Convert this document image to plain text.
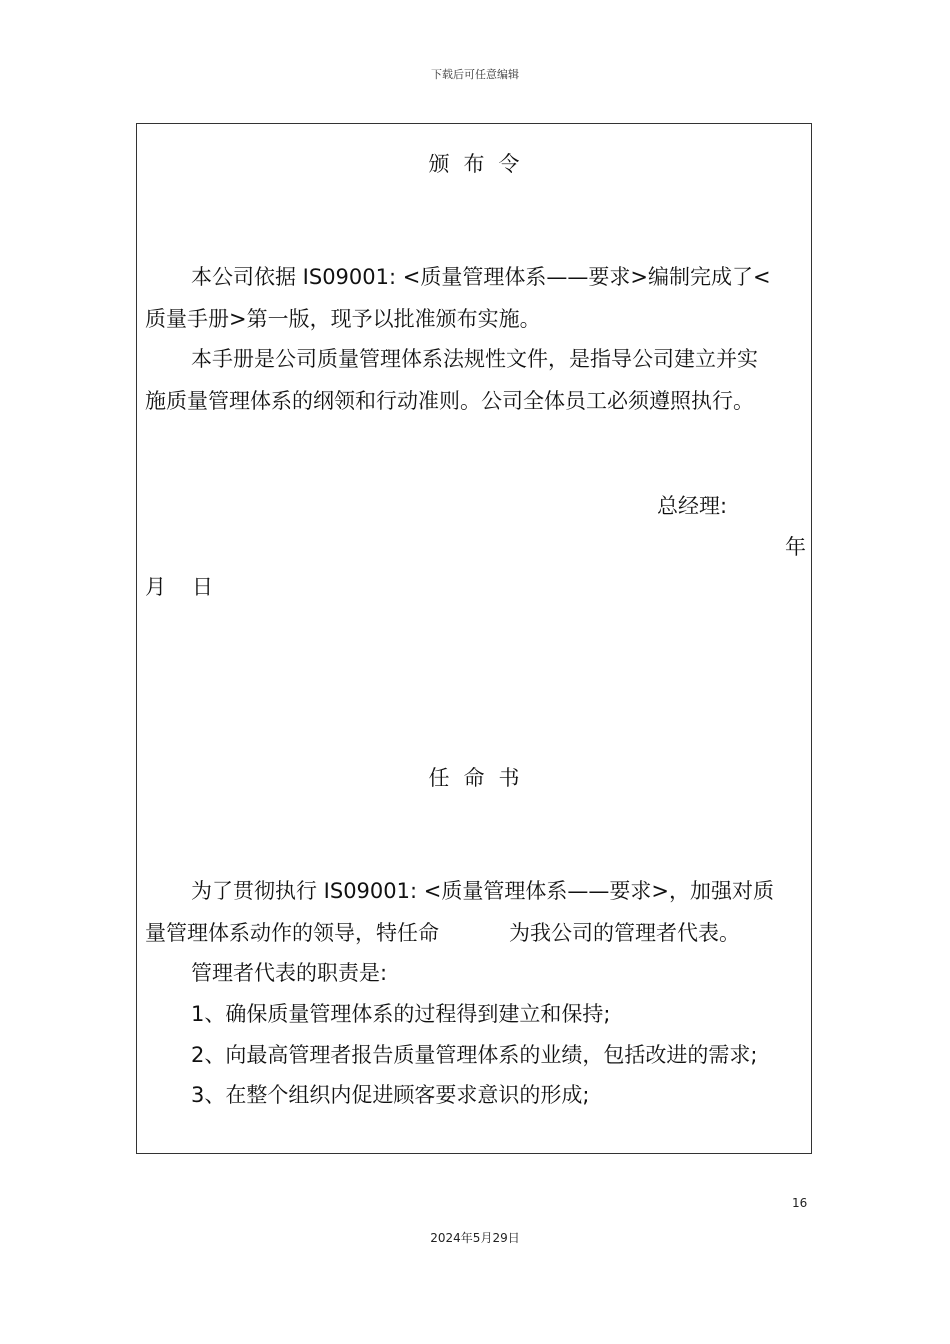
下载后可任意编辑
颁布令
本公司依据 IS09001: <质量管理体系——要求>编制完成了<
质量手册>第一版，现予以批准颁布实施。
本手册是公司质量管理体系法规性文件，是指导公司建立并实
施质量管理体系的纲领和行动准则。公司全体员工必须遵照执行。
总经理:
年
月 日
任命书
为了贯彻执行 IS09001: <质量管理体系——要求>，加强对质
量管理体系动作的领导，特任命	为我公司的管理者代表。
管理者代表的职责是:
1、确保质量管理体系的过程得到建立和保持;
2、向最高管理者报告质量管理体系的业绩，包括改进的需求;
3、在整个组织内促进顾客要求意识的形成;
16
2024年5月29日
